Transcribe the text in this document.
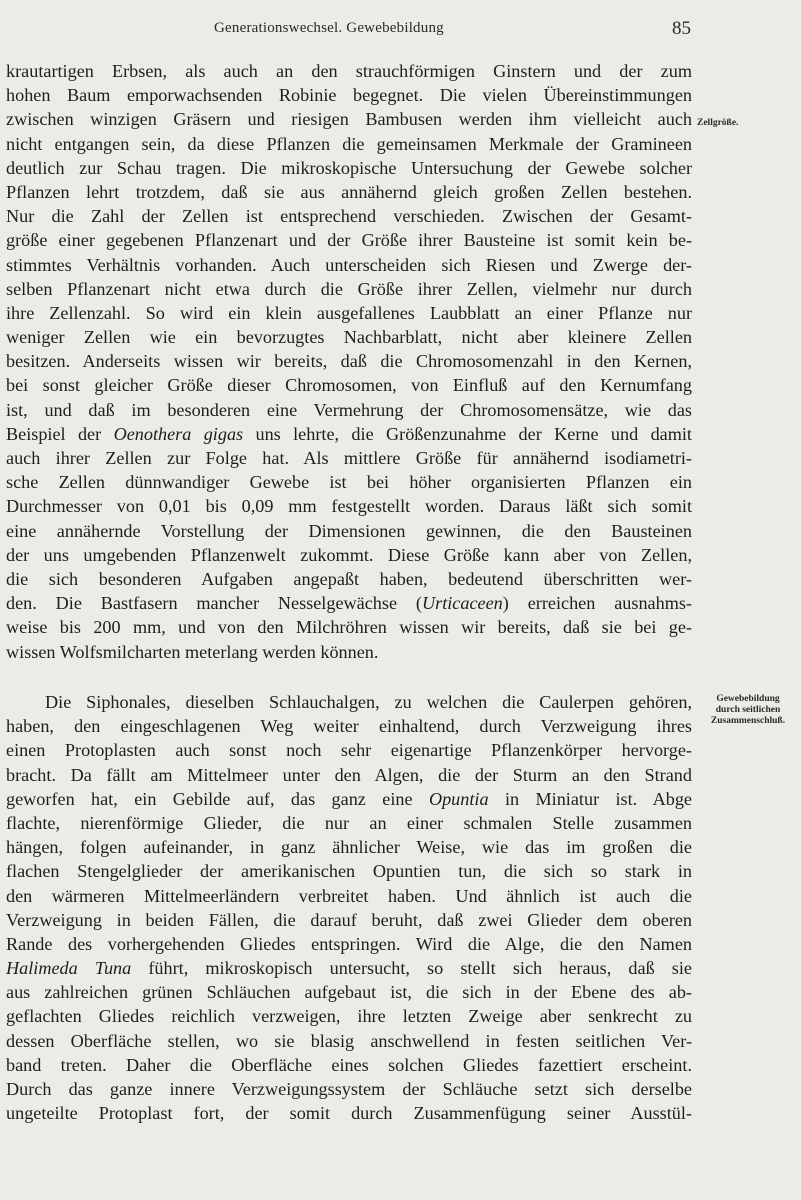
Generationswechsel. Gewebebildung	85
krautartigen Erbsen, als auch an den strauchförmigen Ginstern und der zum
hohen Baum emporwachsenden Robinie begegnet. Die vielen Übereinstimmungen
zwischen winzigen Gräsern und riesigen Bambusen werden ihm vielleicht auch
nicht entgangen sein, da diese Pflanzen die gemeinsamen Merkmale der Gramineen
deutlich zur Schau tragen. Die mikroskopische Untersuchung der Gewebe solcher
Pflanzen lehrt trotzdem, daß sie aus annähernd gleich großen Zellen bestehen.
Nur die Zahl der Zellen ist entsprechend verschieden. Zwischen der Gesamt-
größe einer gegebenen Pflanzenart und der Größe ihrer Bausteine ist somit kein be-
stimmtes Verhältnis vorhanden. Auch unterscheiden sich Riesen und Zwerge der-
selben Pflanzenart nicht etwa durch die Größe ihrer Zellen, vielmehr nur durch
ihre Zellenzahl. So wird ein klein ausgefallenes Laubblatt an einer Pflanze nur
weniger Zellen wie ein bevorzugtes Nachbarblatt, nicht aber kleinere Zellen
besitzen. Anderseits wissen wir bereits, daß die Chromosomenzahl in den Kernen,
bei sonst gleicher Größe dieser Chromosomen, von Einfluß auf den Kernumfang
ist, und daß im besonderen eine Vermehrung der Chromosomensätze, wie das
Beispiel der Oenothera gigas uns lehrte, die Größenzunahme der Kerne und damit
auch ihrer Zellen zur Folge hat. Als mittlere Größe für annähernd isodiametri-
sche Zellen dünnwandiger Gewebe ist bei höher organisierten Pflanzen ein
Durchmesser von 0,01 bis 0,09 mm festgestellt worden. Daraus läßt sich somit
eine annähernde Vorstellung der Dimensionen gewinnen, die den Bausteinen
der uns umgebenden Pflanzenwelt zukommt. Diese Größe kann aber von Zellen,
die sich besonderen Aufgaben angepaßt haben, bedeutend überschritten wer-
den. Die Bastfasern mancher Nesselgewächse (Urticaceen) erreichen ausnahms-
weise bis 200 mm, und von den Milchröhren wissen wir bereits, daß sie bei ge-
wissen Wolfsmilcharten meterlang werden können.
Die Siphonales, dieselben Schlauchalgen, zu welchen die Caulerpen gehören,
haben, den eingeschlagenen Weg weiter einhaltend, durch Verzweigung ihres
einen Protoplasten auch sonst noch sehr eigenartige Pflanzenkörper hervorge-
bracht. Da fällt am Mittelmeer unter den Algen, die der Sturm an den Strand
geworfen hat, ein Gebilde auf, das ganz eine Opuntia in Miniatur ist. Abge
flachte, nierenförmige Glieder, die nur an einer schmalen Stelle zusammen
hängen, folgen aufeinander, in ganz ähnlicher Weise, wie das im großen die
flachen Stengelglieder der amerikanischen Opuntien tun, die sich so stark in
den wärmeren Mittelmeerländern verbreitet haben. Und ähnlich ist auch die
Verzweigung in beiden Fällen, die darauf beruht, daß zwei Glieder dem oberen
Rande des vorhergehenden Gliedes entspringen. Wird die Alge, die den Namen
Halimeda Tuna führt, mikroskopisch untersucht, so stellt sich heraus, daß sie
aus zahlreichen grünen Schläuchen aufgebaut ist, die sich in der Ebene des ab-
geflachten Gliedes reichlich verzweigen, ihre letzten Zweige aber senkrecht zu
dessen Oberfläche stellen, wo sie blasig anschwellend in festen seitlichen Ver-
band treten. Daher die Oberfläche eines solchen Gliedes fazettiert erscheint.
Durch das ganze innere Verzweigungssystem der Schläuche setzt sich derselbe
ungeteilte Protoplast fort, der somit durch Zusammenfügung seiner Ausstül-
Zellgröße.
Gewebebildung
durch seitlichen
Zusammenschluß.
